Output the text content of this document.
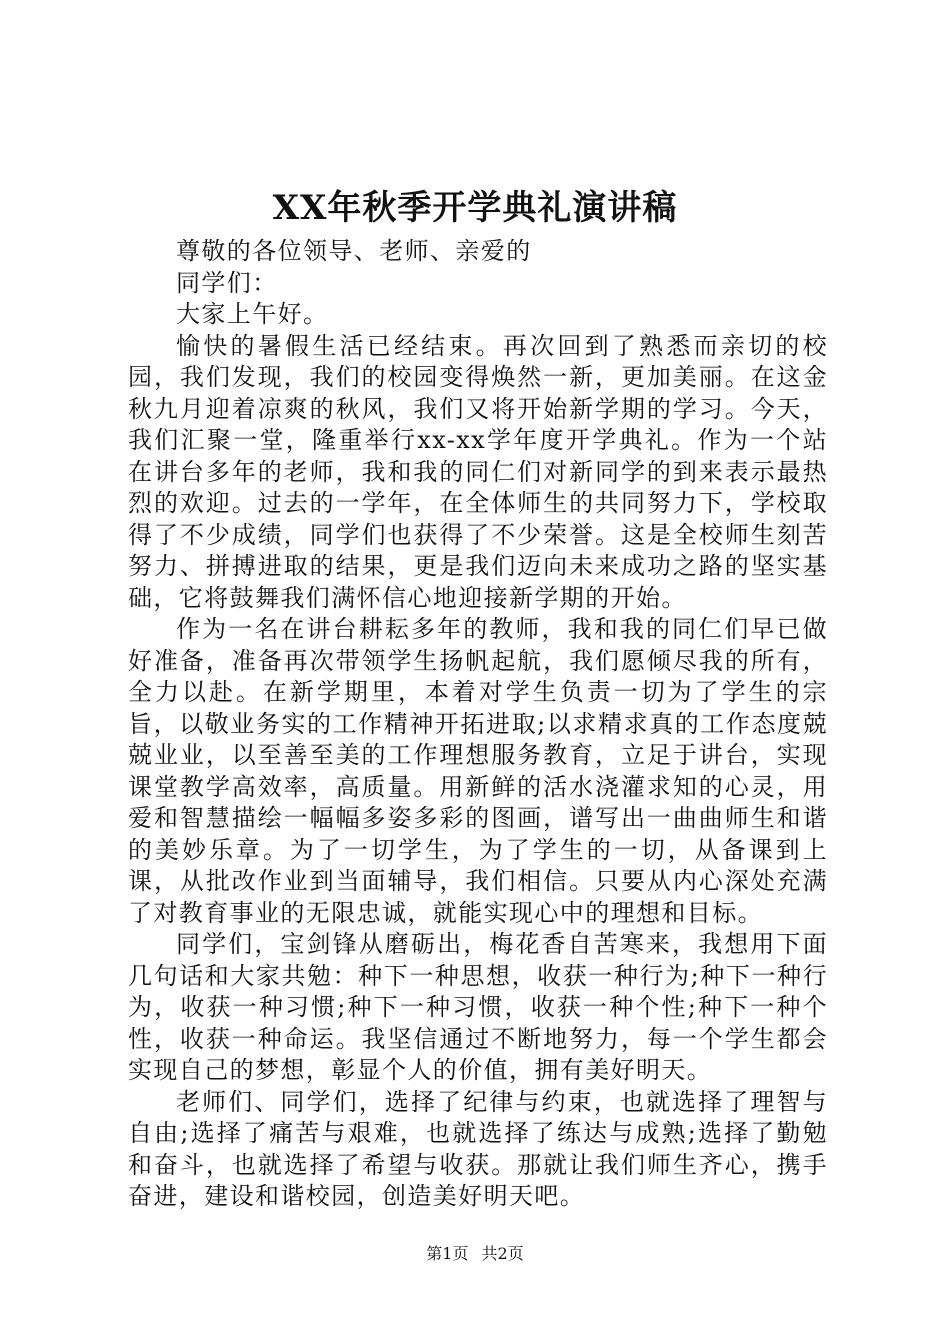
XX年秋季开学典礼演讲稿

尊敬的各位领导、老师、亲爱的

同学们：

大家上午好。

愉快的暑假生活已经结束。再次回到了熟悉而亲切的校园，我们发现，我们的校园变得焕然一新，更加美丽。在这金秋九月迎着凉爽的秋风，我们又将开始新学期的学习。今天，我们汇聚一堂，隆重举行xx-xx学年度开学典礼。作为一个站在讲台多年的老师，我和我的同仁们对新同学的到来表示最热烈的欢迎。过去的一学年，在全体师生的共同努力下，学校取得了不少成绩，同学们也获得了不少荣誉。这是全校师生刻苦努力、拼搏进取的结果，更是我们迈向未来成功之路的坚实基础，它将鼓舞我们满怀信心地迎接新学期的开始。

作为一名在讲台耕耘多年的教师，我和我的同仁们早已做好准备，准备再次带领学生扬帆起航，我们愿倾尽我的所有，全力以赴。在新学期里，本着对学生负责一切为了学生的宗旨，以敬业务实的工作精神开拓进取;以求精求真的工作态度兢兢业业，以至善至美的工作理想服务教育，立足于讲台，实现课堂教学高效率，高质量。用新鲜的活水浇灌求知的心灵，用爱和智慧描绘一幅幅多姿多彩的图画，谱写出一曲曲师生和谐的美妙乐章。为了一切学生，为了学生的一切，从备课到上课，从批改作业到当面辅导，我们相信。只要从内心深处充满了对教育事业的无限忠诚，就能实现心中的理想和目标。

同学们，宝剑锋从磨砺出，梅花香自苦寒来，我想用下面几句话和大家共勉：种下一种思想，收获一种行为;种下一种行为，收获一种习惯;种下一种习惯，收获一种个性;种下一种个性，收获一种命运。我坚信通过不断地努力，每一个学生都会实现自己的梦想，彰显个人的价值，拥有美好明天。

老师们、同学们，选择了纪律与约束，也就选择了理智与自由;选择了痛苦与艰难，也就选择了练达与成熟;选择了勤勉和奋斗，也就选择了希望与收获。那就让我们师生齐心，携手奋进，建设和谐校园，创造美好明天吧。

第1页 共2页
